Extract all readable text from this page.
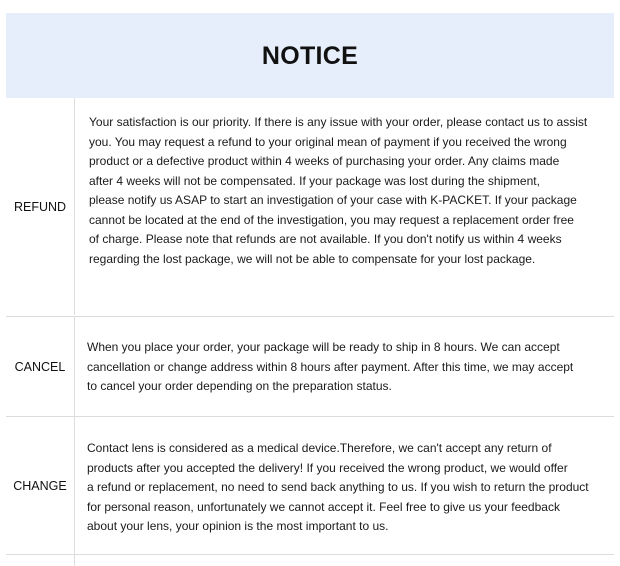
NOTICE
REFUND
Your satisfaction is our priority. If there is any issue with your order, please contact us to assist
you. You may request a refund to your original mean of payment if you received the wrong
product or a defective product within 4 weeks of purchasing your order. Any claims made
after 4 weeks will not be compensated. If your package was lost during the shipment,
please notify us ASAP to start an investigation of your case with K-PACKET. If your package
cannot be located at the end of the investigation, you may request a replacement order free
of charge. Please note that refunds are not available. If you don't notify us within 4 weeks
regarding the lost package, we will not be able to compensate for your lost package.
CANCEL
When you place your order, your package will be ready to ship in 8 hours. We can accept
cancellation or change address within 8 hours after payment. After this time, we may accept
to cancel your order depending on the preparation status.
CHANGE
Contact lens is considered as a medical device.Therefore, we can't accept any return of
products after you accepted the delivery! If you received the wrong product, we would offer
a refund or replacement, no need to send back anything to us. If you wish to return the product
for personal reason, unfortunately we cannot accept it. Feel free to give us your feedback
about your lens, your opinion is the most important to us.
